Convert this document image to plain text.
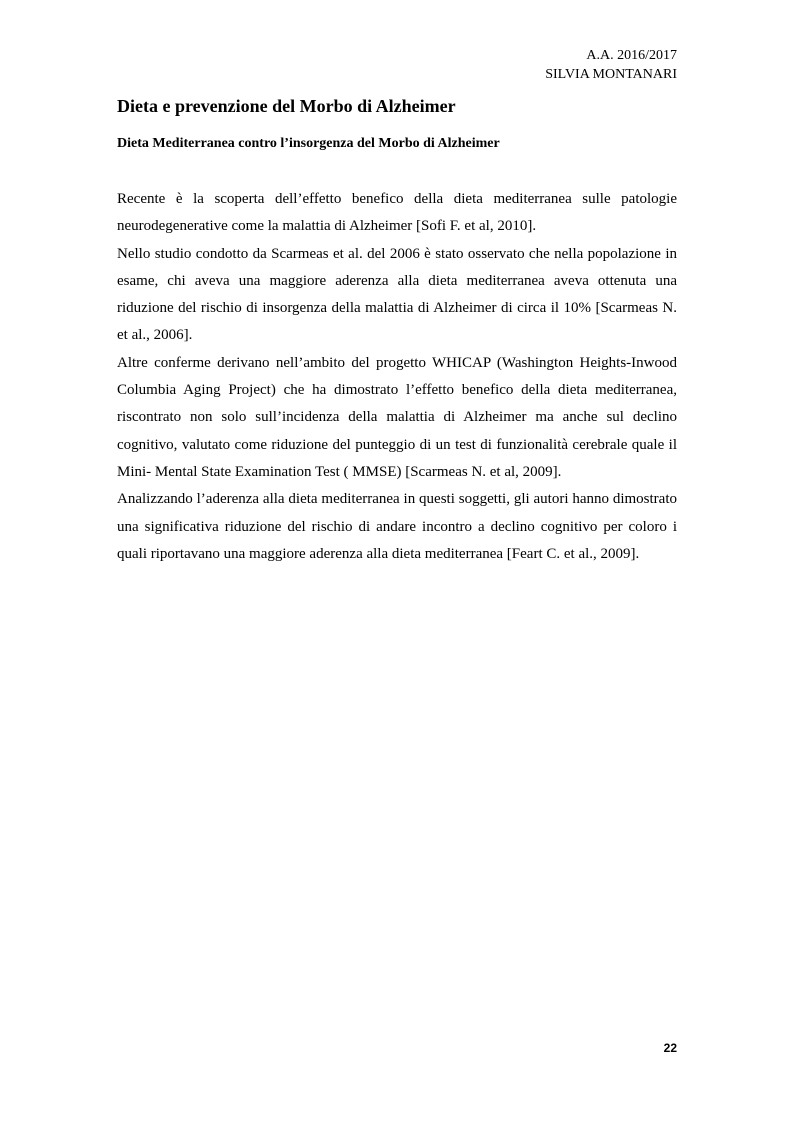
A.A. 2016/2017
SILVIA MONTANARI
Dieta e prevenzione del Morbo di Alzheimer
Dieta Mediterranea contro l’insorgenza del Morbo di Alzheimer

Recente è la scoperta dell’effetto benefico della dieta mediterranea sulle patologie neurodegenerative come la malattia di Alzheimer [Sofi F. et al, 2010].

Nello studio condotto da Scarmeas et al. del 2006 è stato osservato che nella popolazione in esame, chi aveva una maggiore aderenza alla dieta mediterranea aveva ottenuta una riduzione del rischio di insorgenza della malattia di Alzheimer di circa il 10% [Scarmeas N. et al., 2006].

Altre conferme derivano nell’ambito del progetto WHICAP (Washington Heights-Inwood Columbia Aging Project) che ha dimostrato l’effetto benefico della dieta mediterranea, riscontrato non solo sull’incidenza della malattia di Alzheimer ma anche sul declino cognitivo, valutato come riduzione del punteggio di un test di funzionalità cerebrale quale il Mini- Mental State Examination Test ( MMSE) [Scarmeas N. et al, 2009].

Analizzando l’aderenza alla dieta mediterranea in questi soggetti, gli autori hanno dimostrato una significativa riduzione del rischio di andare incontro a declino cognitivo per coloro i quali riportavano una maggiore aderenza alla dieta mediterranea [Feart C. et al., 2009].

22
